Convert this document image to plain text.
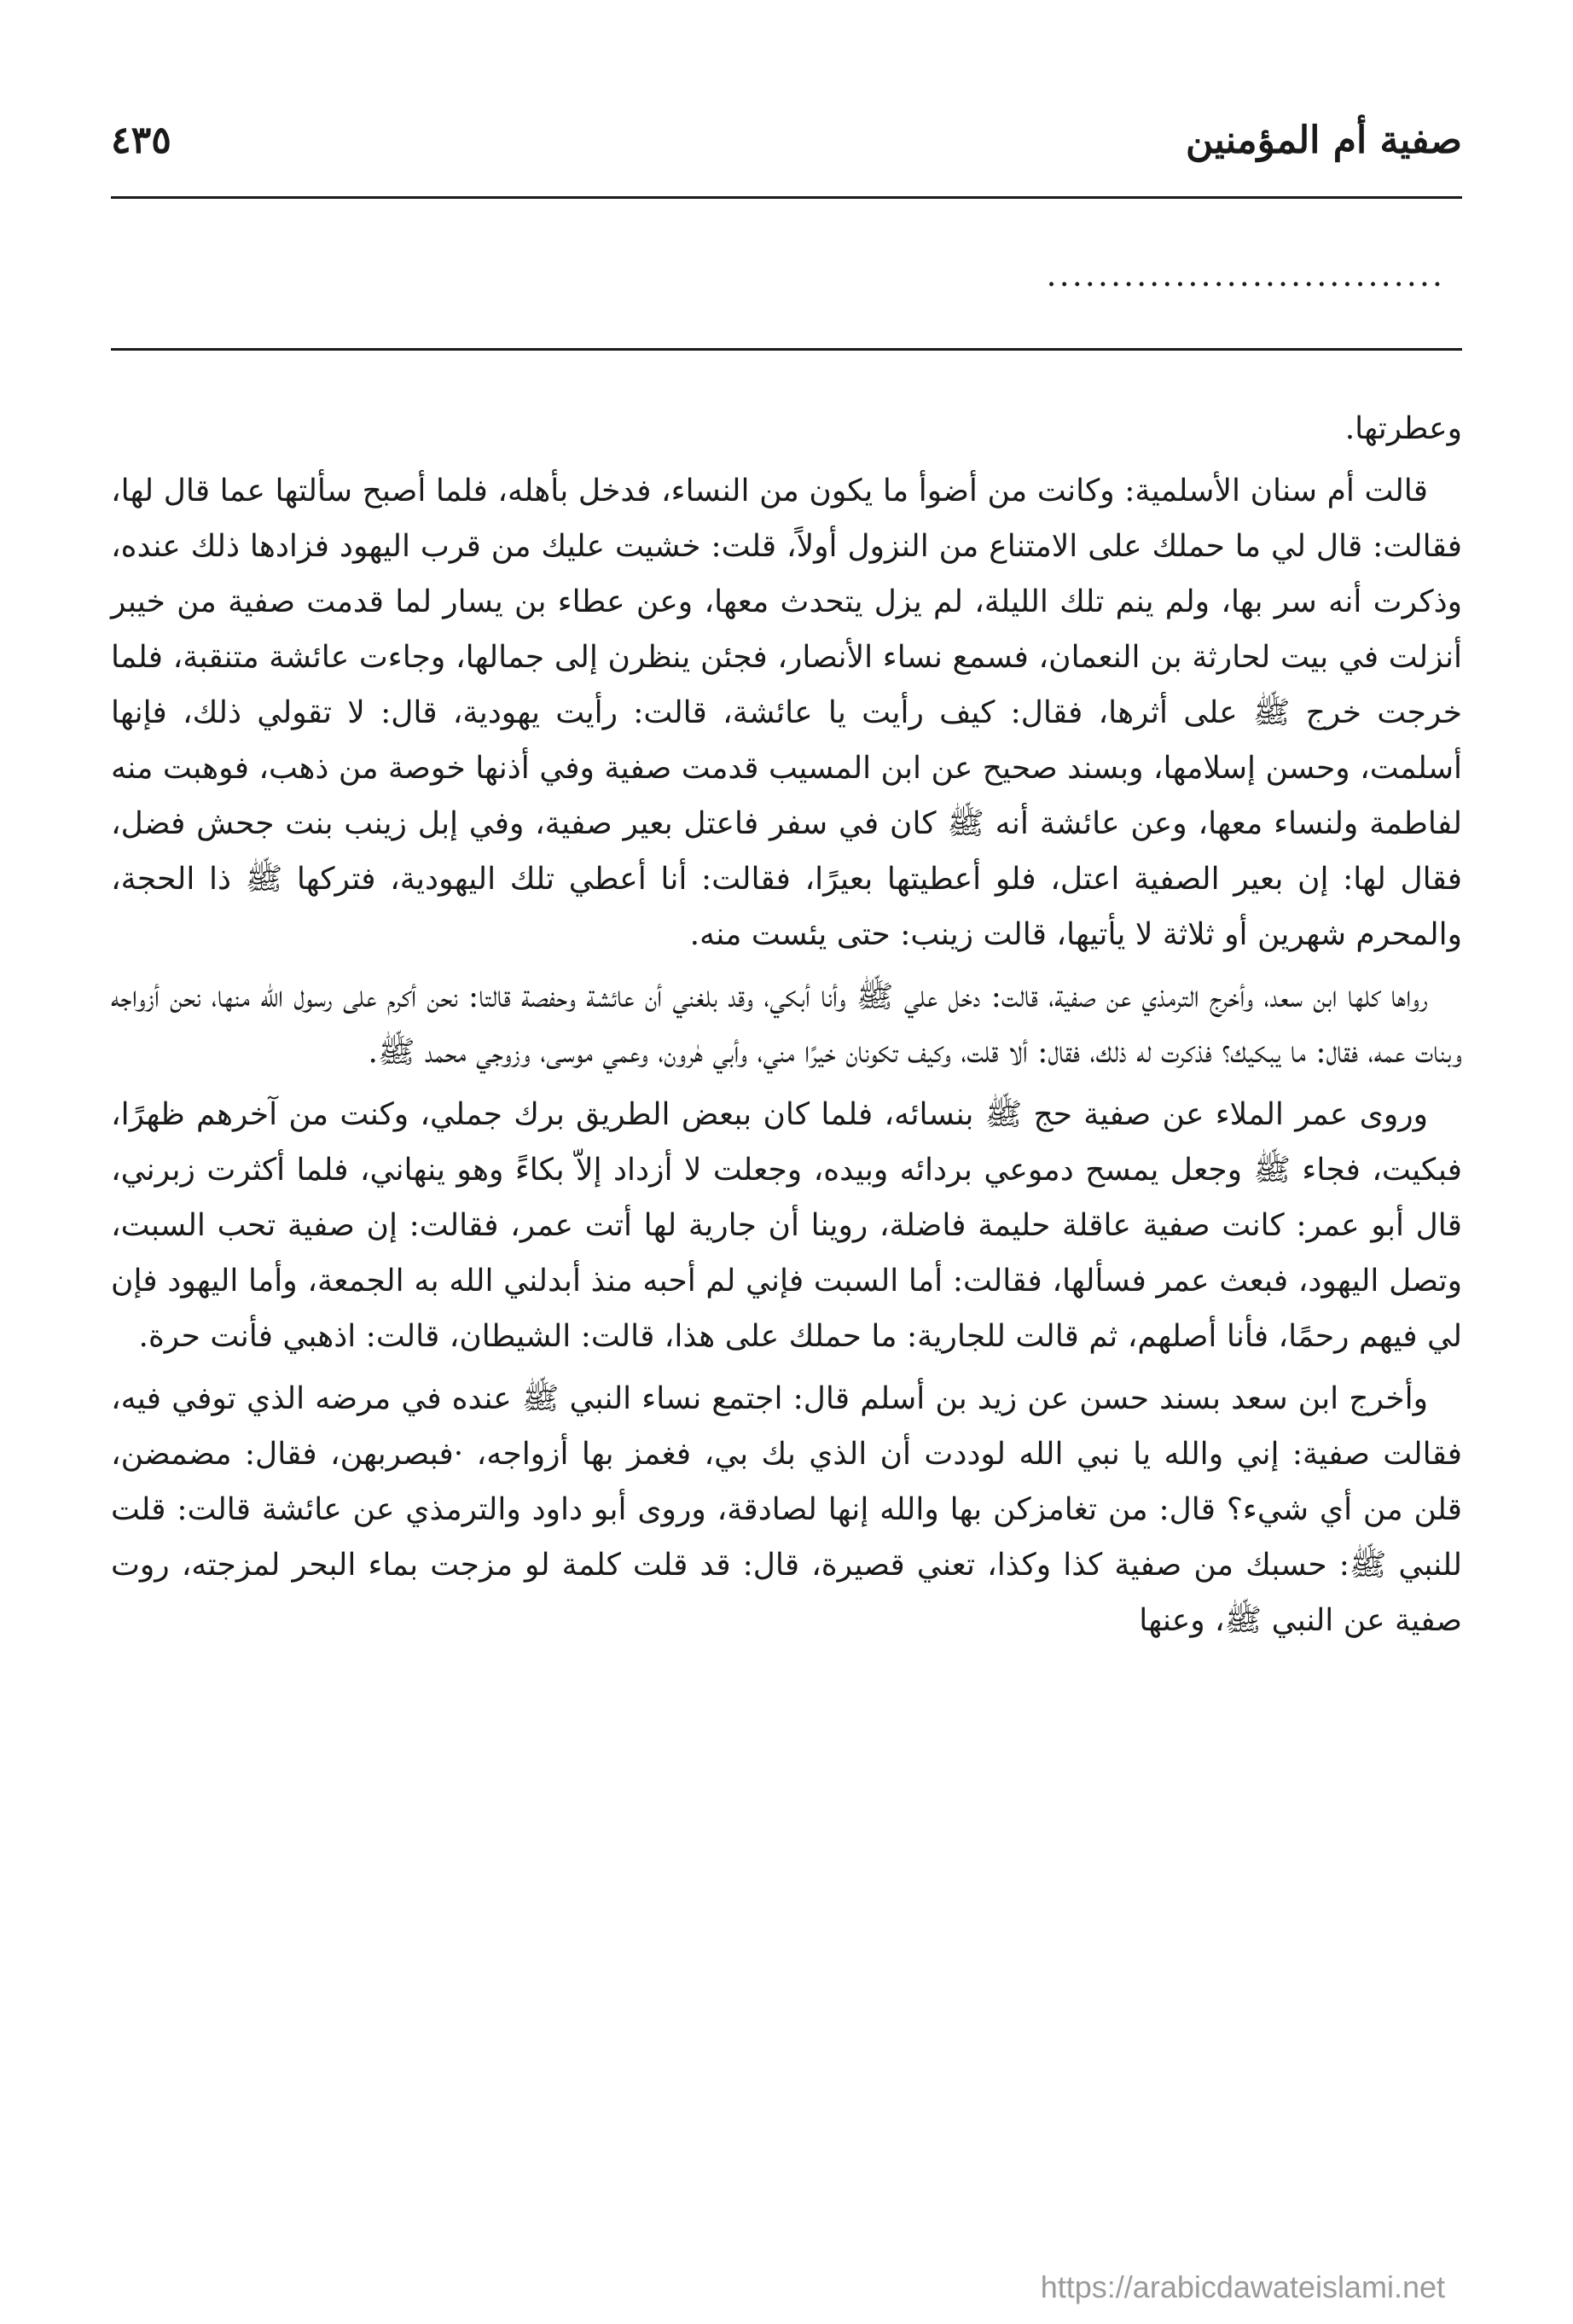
صفية أم المؤمنين
٤٣٥
...............................

وعطرتها.

قالت أم سنان الأسلمية: وكانت من أضوأ ما يكون من النساء، فدخل بأهله، فلما أصبح سألتها عما قال لها، فقالت: قال لي ما حملك على الامتناع من النزول أولاً، قلت: خشيت عليك من قرب اليهود فزادها ذلك عنده، وذكرت أنه سر بها، ولم ينم تلك الليلة، لم يزل يتحدث معها، وعن عطاء بن يسار لما قدمت صفية من خيبر أنزلت في بيت لحارثة بن النعمان، فسمع نساء الأنصار، فجئن ينظرن إلى جمالها، وجاءت عائشة متنقبة، فلما خرجت خرج ﷺ على أثرها، فقال: كيف رأيت يا عائشة، قالت: رأيت يهودية، قال: لا تقولي ذلك، فإنها أسلمت، وحسن إسلامها، وبسند صحيح عن ابن المسيب قدمت صفية وفي أذنها خوصة من ذهب، فوهبت منه لفاطمة ولنساء معها، وعن عائشة أنه ﷺ كان في سفر فاعتل بعير صفية، وفي إبل زينب بنت جحش فضل، فقال لها: إن بعير الصفية اعتل، فلو أعطيتها بعيرًا، فقالت: أنا أعطي تلك اليهودية، فتركها ﷺ ذا الحجة، والمحرم شهرين أو ثلاثة لا يأتيها، قالت زينب: حتى يئست منه.

رواها كلها ابن سعد، وأخرج الترمذي عن صفية، قالت: دخل علي ﷺ وأنا أبكي، وقد بلغني أن عائشة وحفصة قالتا: نحن أكرم على رسول الله منها، نحن أزواجه وبنات عمه، فقال: ما يبكيك؟ فذكرت له ذلك، فقال: ألا قلت، وكيف تكونان خيرًا مني، وأبي هٰرون، وعمي موسى، وزوجي محمد ﷺ.

وروى عمر الملاء عن صفية حج ﷺ بنسائه، فلما كان ببعض الطريق برك جملي، وكنت من آخرهم ظهرًا، فبكيت، فجاء ﷺ وجعل يمسح دموعي بردائه وبيده، وجعلت لا أزداد إلاّ بكاءً وهو ينهاني، فلما أكثرت زبرني، قال أبو عمر: كانت صفية عاقلة حليمة فاضلة، روينا أن جارية لها أتت عمر، فقالت: إن صفية تحب السبت، وتصل اليهود، فبعث عمر فسألها، فقالت: أما السبت فإني لم أحبه منذ أبدلني الله به الجمعة، وأما اليهود فإن لي فيهم رحمًا، فأنا أصلهم، ثم قالت للجارية: ما حملك على هذا، قالت: الشيطان، قالت: اذهبي فأنت حرة.

وأخرج ابن سعد بسند حسن عن زيد بن أسلم قال: اجتمع نساء النبي ﷺ عنده في مرضه الذي توفي فيه، فقالت صفية: إني والله يا نبي الله لوددت أن الذي بك بي، فغمز بها أزواجه، ·فبصربهن، فقال: مضمضن، قلن من أي شيء؟ قال: من تغامزكن بها والله إنها لصادقة، وروى أبو داود والترمذي عن عائشة قالت: قلت للنبي ﷺ: حسبك من صفية كذا وكذا، تعني قصيرة، قال: قد قلت كلمة لو مزجت بماء البحر لمزجته، روت صفية عن النبي ﷺ، وعنها

https://arabicdawateislami.net
